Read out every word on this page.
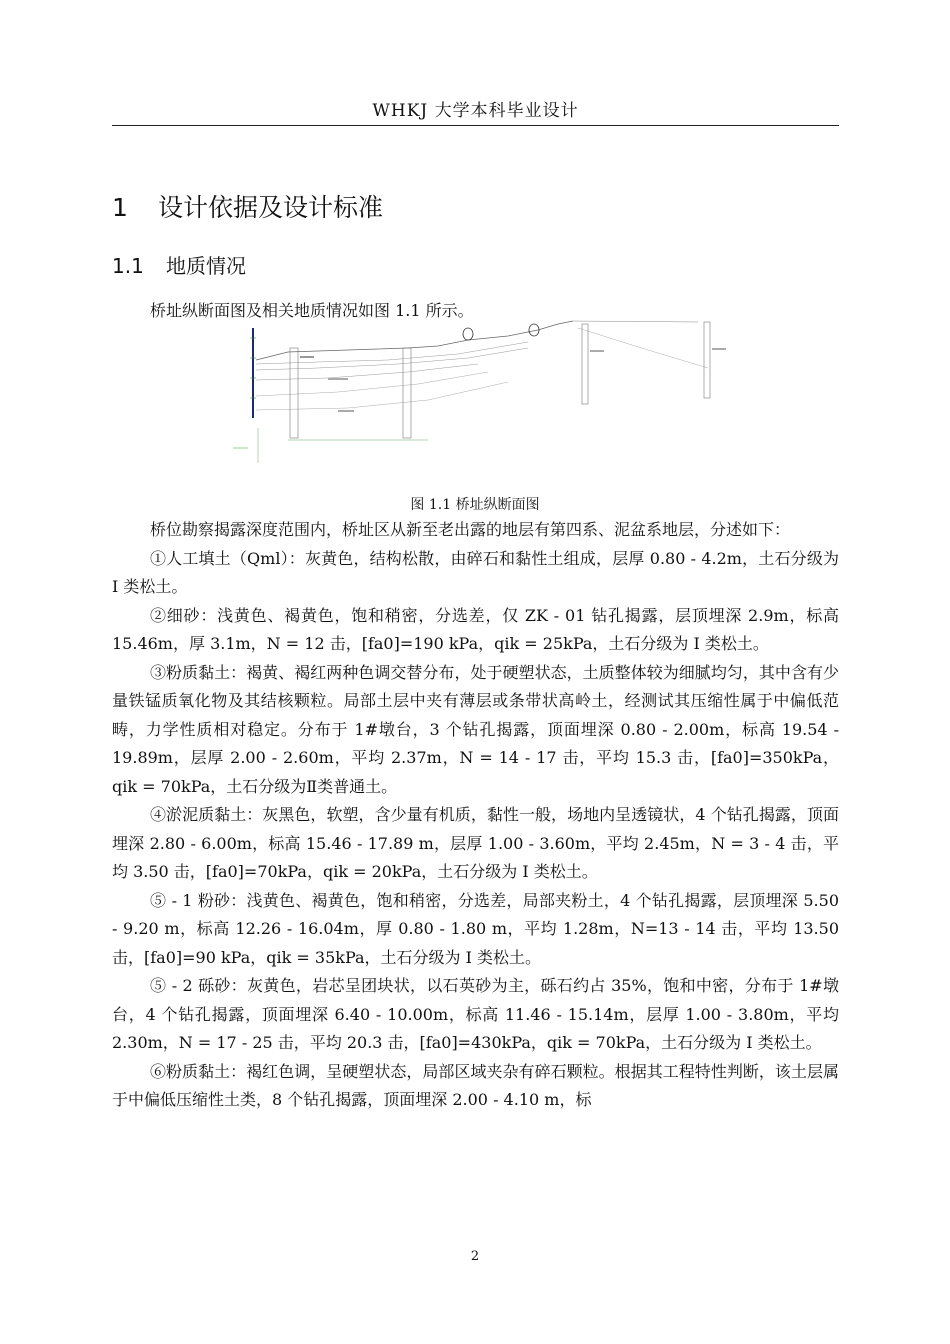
WHKJ 大学本科毕业设计
1 设计依据及设计标准
1.1 地质情况
桥址纵断面图及相关地质情况如图 1.1 所示。
图 1.1 桥址纵断面图

桥位勘察揭露深度范围内，桥址区从新至老出露的地层有第四系、泥盆系地层，分述如下：

①人工填土（Qml）：灰黄色，结构松散，由碎石和黏性土组成，层厚 0.80 - 4.2m，土石分级为 I 类松土。

②细砂：浅黄色、褐黄色，饱和稍密，分选差，仅 ZK - 01 钻孔揭露，层顶埋深 2.9m，标高 15.46m，厚 3.1m，N = 12 击，[fa0]=190 kPa，qik = 25kPa，土石分级为 I 类松土。

③粉质黏土：褐黄、褐红两种色调交替分布，处于硬塑状态，土质整体较为细腻均匀，其中含有少量铁锰质氧化物及其结核颗粒。局部土层中夹有薄层或条带状高岭土，经测试其压缩性属于中偏低范畴，力学性质相对稳定。分布于 1#墩台，3 个钻孔揭露，顶面埋深 0.80 - 2.00m，标高 19.54 - 19.89m，层厚 2.00 - 2.60m，平均 2.37m，N = 14 - 17 击，平均 15.3 击，[fa0]=350kPa，qik = 70kPa，土石分级为Ⅱ类普通土。

④淤泥质黏土：灰黑色，软塑，含少量有机质，黏性一般，场地内呈透镜状，4 个钻孔揭露，顶面埋深 2.80 - 6.00m，标高 15.46 - 17.89 m，层厚 1.00 - 3.60m，平均 2.45m，N = 3 - 4 击，平均 3.50 击，[fa0]=70kPa，qik = 20kPa，土石分级为 I 类松土。

⑤ - 1 粉砂：浅黄色、褐黄色，饱和稍密，分选差，局部夹粉土，4 个钻孔揭露，层顶埋深 5.50 - 9.20 m，标高 12.26 - 16.04m，厚 0.80 - 1.80 m，平均 1.28m，N=13 - 14 击，平均 13.50 击，[fa0]=90 kPa，qik = 35kPa，土石分级为 I 类松土。

⑤ - 2 砾砂：灰黄色，岩芯呈团块状，以石英砂为主，砾石约占 35%，饱和中密，分布于 1#墩台，4 个钻孔揭露，顶面埋深 6.40 - 10.00m，标高 11.46 - 15.14m，层厚 1.00 - 3.80m，平均 2.30m，N = 17 - 25 击，平均 20.3 击，[fa0]=430kPa，qik = 70kPa，土石分级为 I 类松土。

⑥粉质黏土：褐红色调，呈硬塑状态，局部区域夹杂有碎石颗粒。根据其工程特性判断，该土层属于中偏低压缩性土类，8 个钻孔揭露，顶面埋深 2.00 - 4.10 m，标

2
